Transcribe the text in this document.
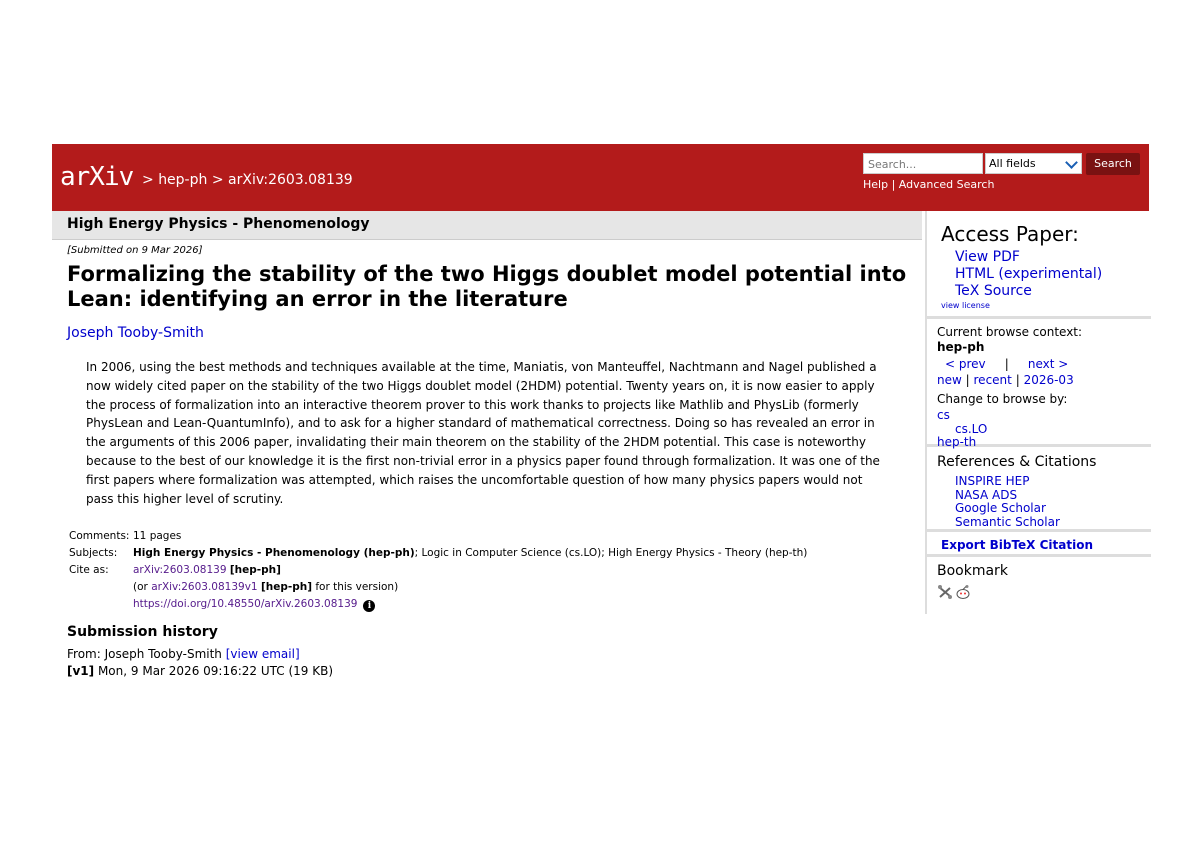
arXiv > hep-ph > arXiv:2603.08139
Search...	All fields	Search
Help | Advanced Search
High Energy Physics - Phenomenology
[Submitted on 9 Mar 2026]
Formalizing the stability of the two Higgs doublet model potential into Lean: identifying an error in the literature
Joseph Tooby-Smith
In 2006, using the best methods and techniques available at the time, Maniatis, von Manteuffel, Nachtmann and Nagel published a now widely cited paper on the stability of the two Higgs doublet model (2HDM) potential. Twenty years on, it is now easier to apply the process of formalization into an interactive theorem prover to this work thanks to projects like Mathlib and PhysLib (formerly PhysLean and Lean-QuantumInfo), and to ask for a higher standard of mathematical correctness. Doing so has revealed an error in the arguments of this 2006 paper, invalidating their main theorem on the stability of the 2HDM potential. This case is noteworthy because to the best of our knowledge it is the first non-trivial error in a physics paper found through formalization. It was one of the first papers where formalization was attempted, which raises the uncomfortable question of how many physics papers would not pass this higher level of scrutiny.
Comments: 11 pages
Subjects:	High Energy Physics - Phenomenology (hep-ph); Logic in Computer Science (cs.LO); High Energy Physics - Theory (hep-th)
Cite as:	arXiv:2603.08139 [hep-ph]
(or arXiv:2603.08139v1 [hep-ph] for this version)
https://doi.org/10.48550/arXiv.2603.08139 i
Submission history
From: Joseph Tooby-Smith [view email]
[v1] Mon, 9 Mar 2026 09:16:22 UTC (19 KB)
Access Paper:
View PDF
HTML (experimental)
TeX Source
view license
Current browse context:
hep-ph
< prev | next >
new | recent | 2026-03
Change to browse by:
cs
cs.LO
hep-th
References & Citations
INSPIRE HEP
NASA ADS
Google Scholar
Semantic Scholar
Export BibTeX Citation
Bookmark
